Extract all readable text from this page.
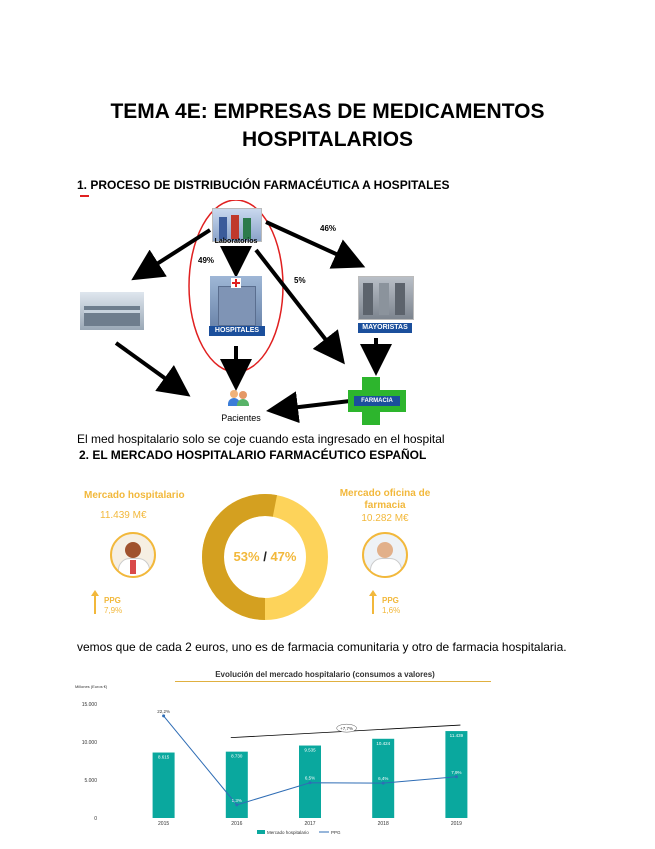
TEMA 4E: EMPRESAS DE MEDICAMENTOS
HOSPITALARIOS
1. PROCESO DE DISTRIBUCIÓN FARMACÉUTICA A HOSPITALES
Laboratorios
HOSPITALES	MAYORISTAS
FARMACIA
Pacientes
49%
46%
5%
El med hospitalario solo se coje cuando esta ingresado en el hospital
2. EL MERCADO HOSPITALARIO FARMACÉUTICO ESPAÑOL
Mercado hospitalario
11.439 M€
PPG
7,9%
53% / 47%
Mercado oficina de
farmacia
10.282 M€
PPG
1,6%
vemos que de cada 2 euros, uno es de farmacia comunitaria y otro de farmacia hospitalaria.
Evolución del mercado hospitalario (consumos a valores)
Millones (Euros €)
0
5.000
10.000
15.000
8.615
2015
8.730
2016
9.535
2017
10.424
2018
11.439
2019
+7,7%
22,2%
1,3%
6,5%	6,4%
7,9%
Mercado hospitalario	PPG
